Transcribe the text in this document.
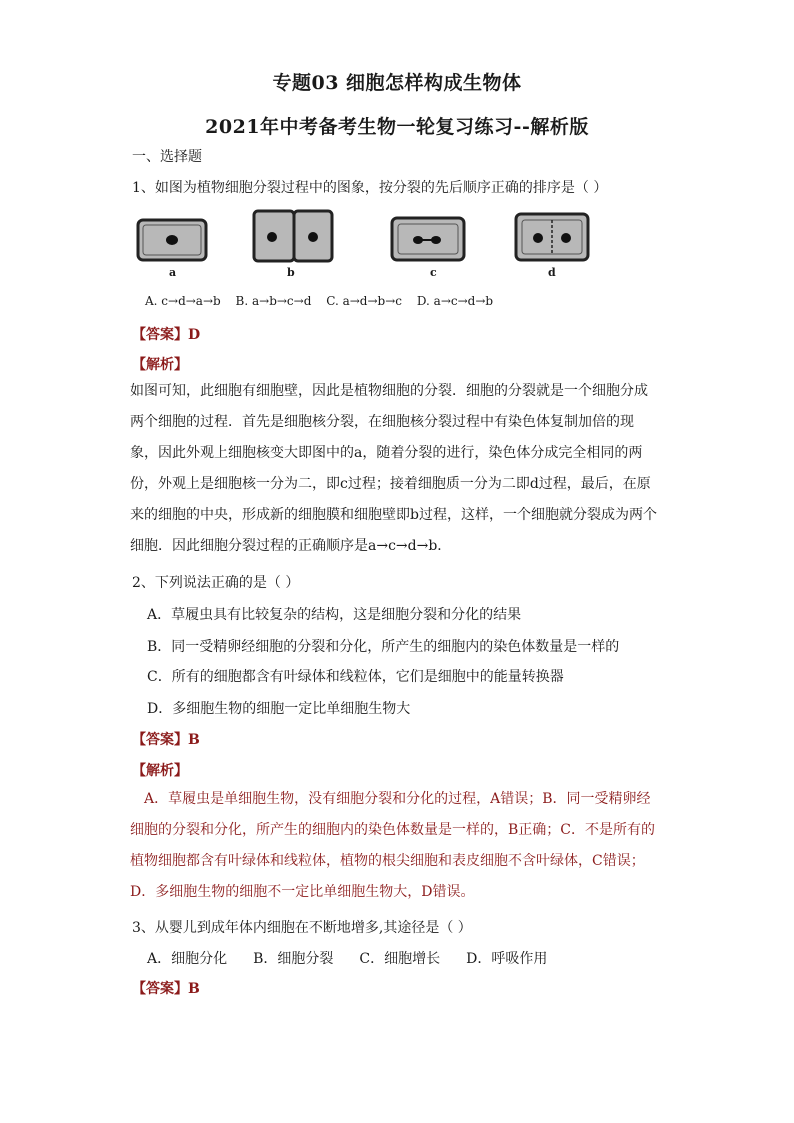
专题03 细胞怎样构成生物体
2021年中考备考生物一轮复习练习--解析版
一、选择题
1、如图为植物细胞分裂过程中的图象，按分裂的先后顺序正确的排序是（ ）
a	b	c	d
A. c→d→a→b B. a→b→c→d C. a→d→b→c D. a→c→d→b
【答案】D
【解析】
如图可知，此细胞有细胞壁，因此是植物细胞的分裂．细胞的分裂就是一个细胞分成两个细胞的过程．首先是细胞核分裂，在细胞核分裂过程中有染色体复制加倍的现象，因此外观上细胞核变大即图中的a，随着分裂的进行，染色体分成完全相同的两份，外观上是细胞核一分为二，即c过程；接着细胞质一分为二即d过程，最后，在原来的细胞的中央，形成新的细胞膜和细胞壁即b过程，这样，一个细胞就分裂成为两个细胞．因此细胞分裂过程的正确顺序是a→c→d→b．
2、下列说法正确的是（ ）
A．草履虫具有比较复杂的结构，这是细胞分裂和分化的结果
B．同一受精卵经细胞的分裂和分化，所产生的细胞内的染色体数量是一样的
C．所有的细胞都含有叶绿体和线粒体，它们是细胞中的能量转换器
D．多细胞生物的细胞一定比单细胞生物大
【答案】B
【解析】
A．草履虫是单细胞生物，没有细胞分裂和分化的过程，A错误；B．同一受精卵经细胞的分裂和分化，所产生的细胞内的染色体数量是一样的，B正确；C．不是所有的植物细胞都含有叶绿体和线粒体，植物的根尖细胞和表皮细胞不含叶绿体，C错误；D．多细胞生物的细胞不一定比单细胞生物大，D错误。
3、从婴儿到成年体内细胞在不断地增多,其途径是（ ）
A．细胞分化 B．细胞分裂 C．细胞增长 D．呼吸作用
【答案】B
